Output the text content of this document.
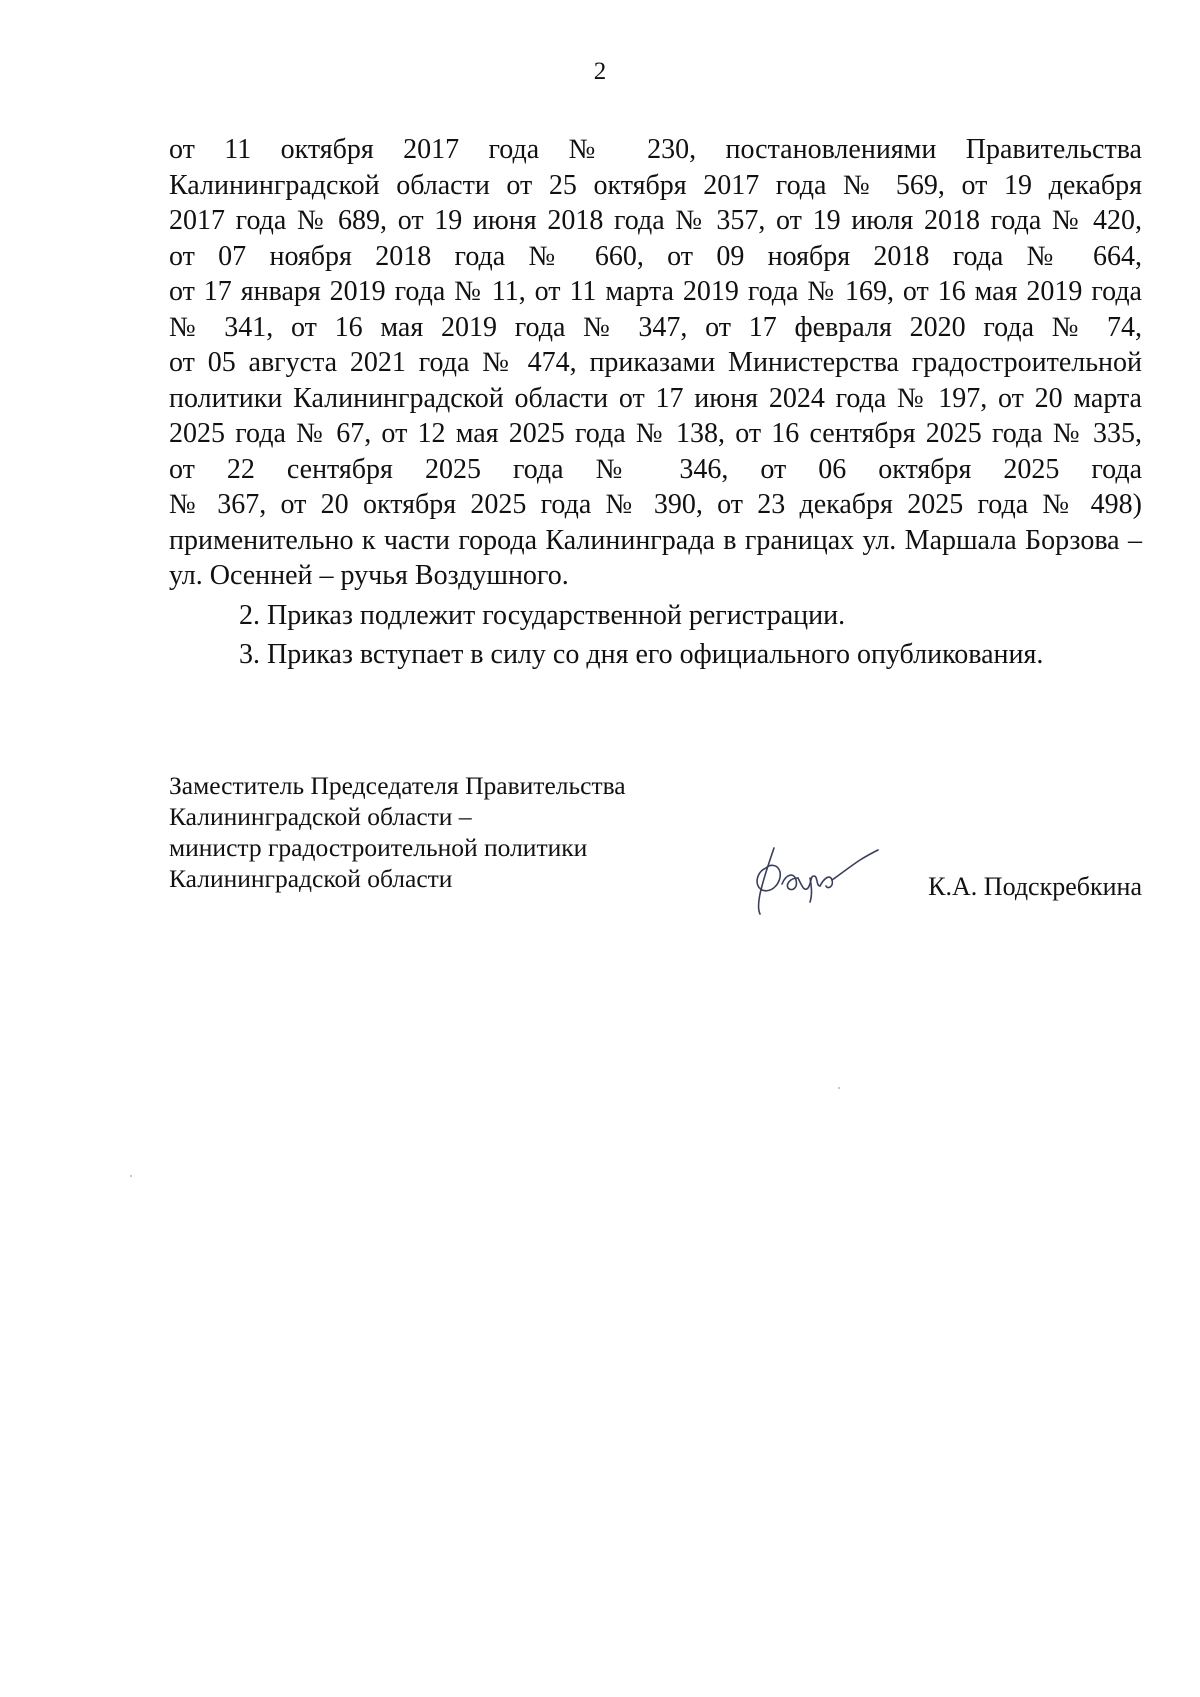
2
от 11 октября 2017 года № 230, постановлениями Правительства
Калининградской области от 25 октября 2017 года № 569, от 19 декабря
2017 года № 689, от 19 июня 2018 года № 357, от 19 июля 2018 года № 420,
от 07 ноября 2018 года № 660, от 09 ноября 2018 года № 664,
от 17 января 2019 года № 11, от 11 марта 2019 года № 169, от 16 мая 2019 года
№ 341, от 16 мая 2019 года № 347, от 17 февраля 2020 года № 74,
от 05 августа 2021 года № 474, приказами Министерства градостроительной
политики Калининградской области от 17 июня 2024 года № 197, от 20 марта
2025 года № 67, от 12 мая 2025 года № 138, от 16 сентября 2025 года № 335,
от 22 сентября 2025 года № 346, от 06 октября 2025 года
№ 367, от 20 октября 2025 года № 390, от 23 декабря 2025 года № 498)
применительно к части города Калининграда в границах ул. Маршала Борзова –
ул. Осенней – ручья Воздушного.
2. Приказ подлежит государственной регистрации.
3. Приказ вступает в силу со дня его официального опубликования.
Заместитель Председателя Правительства
Калининградской области –
министр градостроительной политики
Калининградской области	К.А. Подскребкина
